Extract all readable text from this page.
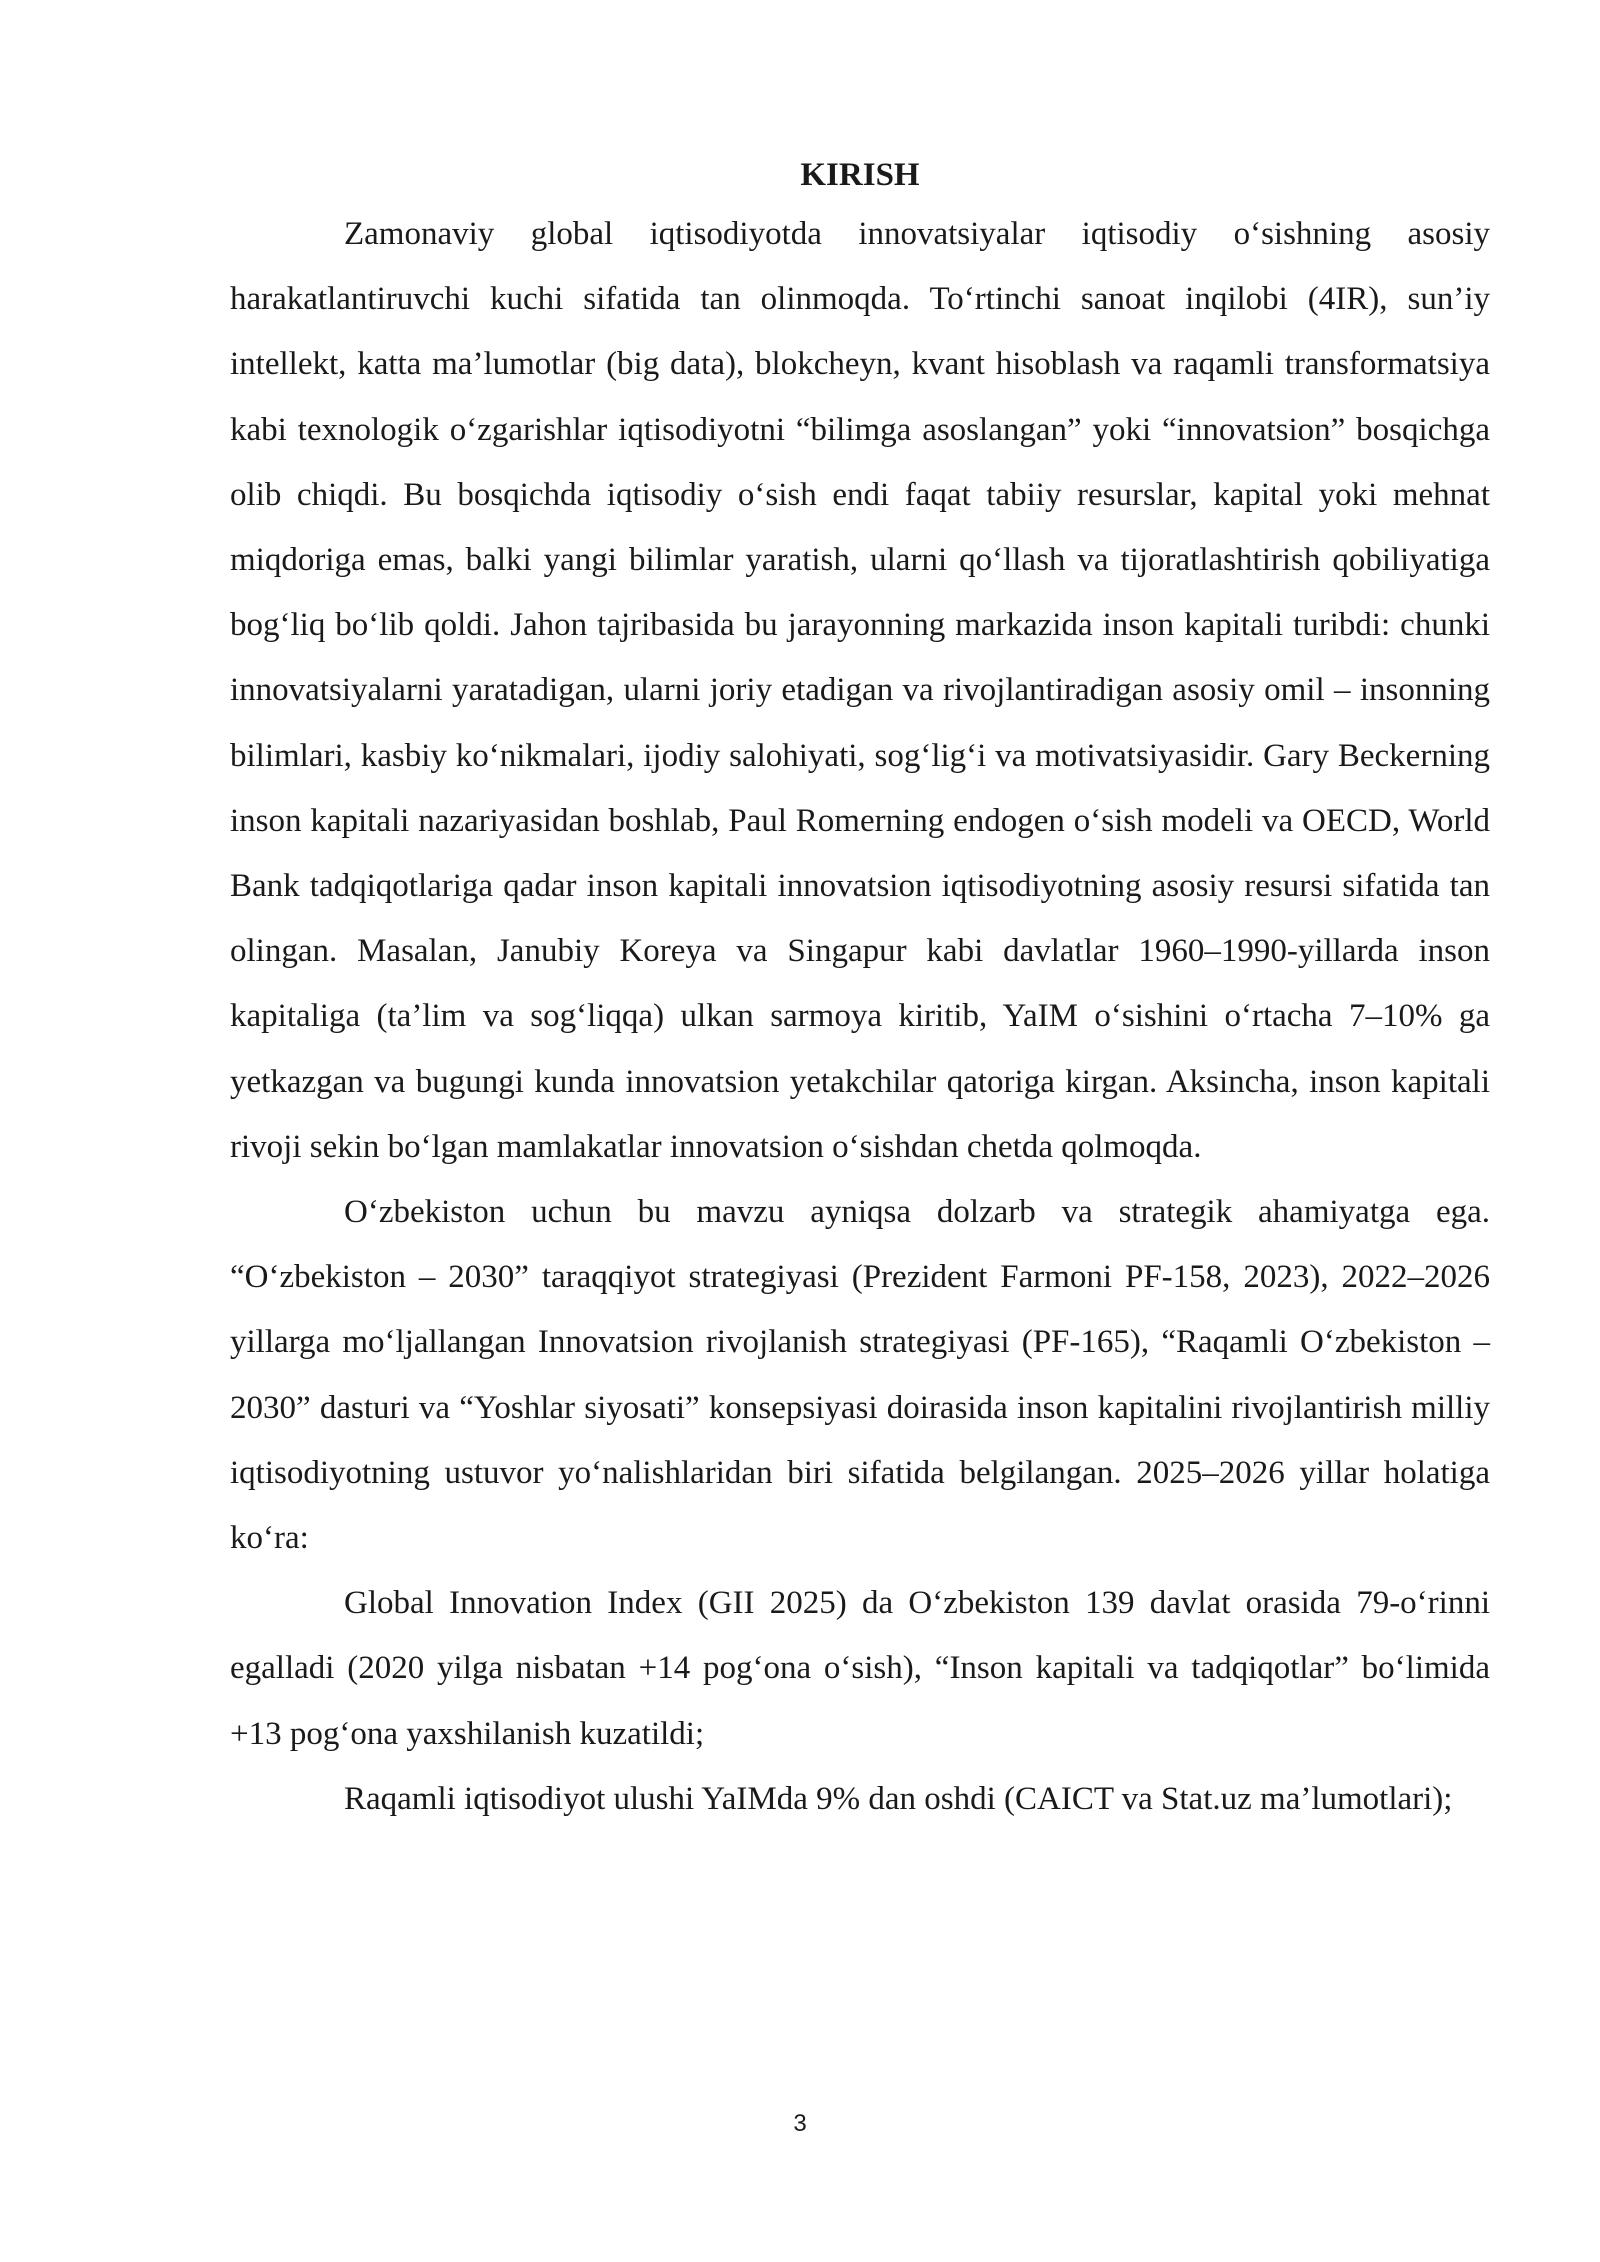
KIRISH

Zamonaviy global iqtisodiyotda innovatsiyalar iqtisodiy o‘sishning asosiy harakatlantiruvchi kuchi sifatida tan olinmoqda. To‘rtinchi sanoat inqilobi (4IR), sun’iy intellekt, katta ma’lumotlar (big data), blokcheyn, kvant hisoblash va raqamli transformatsiya kabi texnologik o‘zgarishlar iqtisodiyotni “bilimga asoslangan” yoki “innovatsion” bosqichga olib chiqdi. Bu bosqichda iqtisodiy o‘sish endi faqat tabiiy resurslar, kapital yoki mehnat miqdoriga emas, balki yangi bilimlar yaratish, ularni qo‘llash va tijoratlashtirish qobiliyatiga bog‘liq bo‘lib qoldi. Jahon tajribasida bu jarayonning markazida inson kapitali turibdi: chunki innovatsiyalarni yaratadigan, ularni joriy etadigan va rivojlantiradigan asosiy omil – insonning bilimlari, kasbiy ko‘nikmalari, ijodiy salohiyati, sog‘lig‘i va motivatsiyasidir. Gary Beckerning inson kapitali nazariyasidan boshlab, Paul Romerning endogen o‘sish modeli va OECD, World Bank tadqiqotlariga qadar inson kapitali innovatsion iqtisodiyotning asosiy resursi sifatida tan olingan. Masalan, Janubiy Koreya va Singapur kabi davlatlar 1960–1990-yillarda inson kapitaliga (ta’lim va sog‘liqqa) ulkan sarmoya kiritib, YaIM o‘sishini o‘rtacha 7–10% ga yetkazgan va bugungi kunda innovatsion yetakchilar qatoriga kirgan. Aksincha, inson kapitali rivoji sekin bo‘lgan mamlakatlar innovatsion o‘sishdan chetda qolmoqda.

O‘zbekiston uchun bu mavzu ayniqsa dolzarb va strategik ahamiyatga ega. “O‘zbekiston – 2030” taraqqiyot strategiyasi (Prezident Farmoni PF-158, 2023), 2022–2026 yillarga mo‘ljallangan Innovatsion rivojlanish strategiyasi (PF-165), “Raqamli O‘zbekiston – 2030” dasturi va “Yoshlar siyosati” konsepsiyasi doirasida inson kapitalini rivojlantirish milliy iqtisodiyotning ustuvor yo‘nalishlaridan biri sifatida belgilangan. 2025–2026 yillar holatiga ko‘ra:

Global Innovation Index (GII 2025) da O‘zbekiston 139 davlat orasida 79-o‘rinni egalladi (2020 yilga nisbatan +14 pog‘ona o‘sish), “Inson kapitali va tadqiqotlar” bo‘limida +13 pog‘ona yaxshilanish kuzatildi;

Raqamli iqtisodiyot ulushi YaIMda 9% dan oshdi (CAICT va Stat.uz ma’lumotlari);

3
